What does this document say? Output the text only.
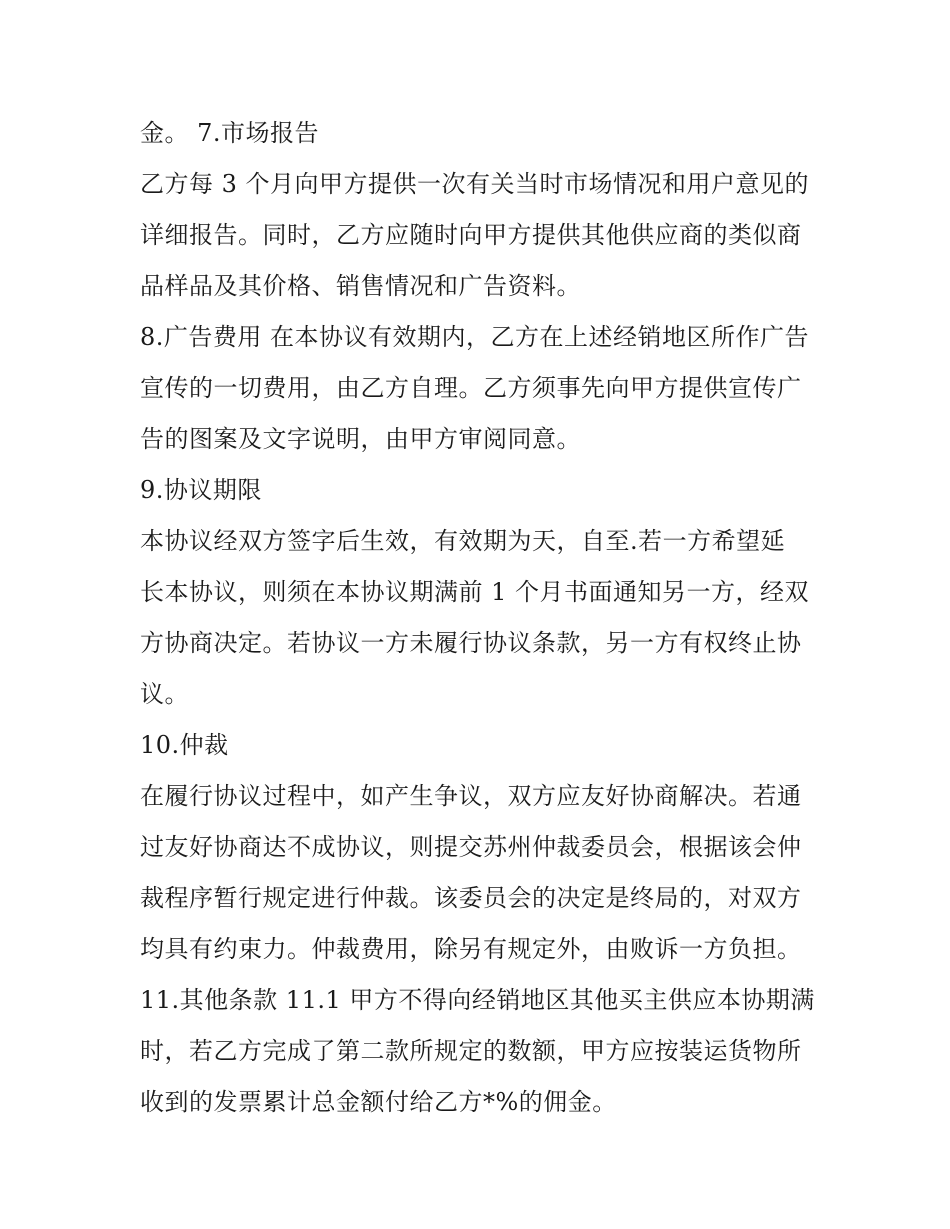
金。 7.市场报告
乙方每 3 个月向甲方提供一次有关当时市场情况和用户意见的
详细报告。同时，乙方应随时向甲方提供其他供应商的类似商
品样品及其价格、销售情况和广告资料。
8.广告费用 在本协议有效期内，乙方在上述经销地区所作广告
宣传的一切费用，由乙方自理。乙方须事先向甲方提供宣传广
告的图案及文字说明，由甲方审阅同意。
9.协议期限
本协议经双方签字后生效，有效期为天，自至.若一方希望延
长本协议，则须在本协议期满前 1 个月书面通知另一方，经双
方协商决定。若协议一方未履行协议条款，另一方有权终止协
议。
10.仲裁
在履行协议过程中，如产生争议，双方应友好协商解决。若通
过友好协商达不成协议，则提交苏州仲裁委员会，根据该会仲
裁程序暂行规定进行仲裁。该委员会的决定是终局的，对双方
均具有约束力。仲裁费用，除另有规定外，由败诉一方负担。
11.其他条款 11.1 甲方不得向经销地区其他买主供应本协期满
时，若乙方完成了第二款所规定的数额，甲方应按装运货物所
收到的发票累计总金额付给乙方*%的佣金。
